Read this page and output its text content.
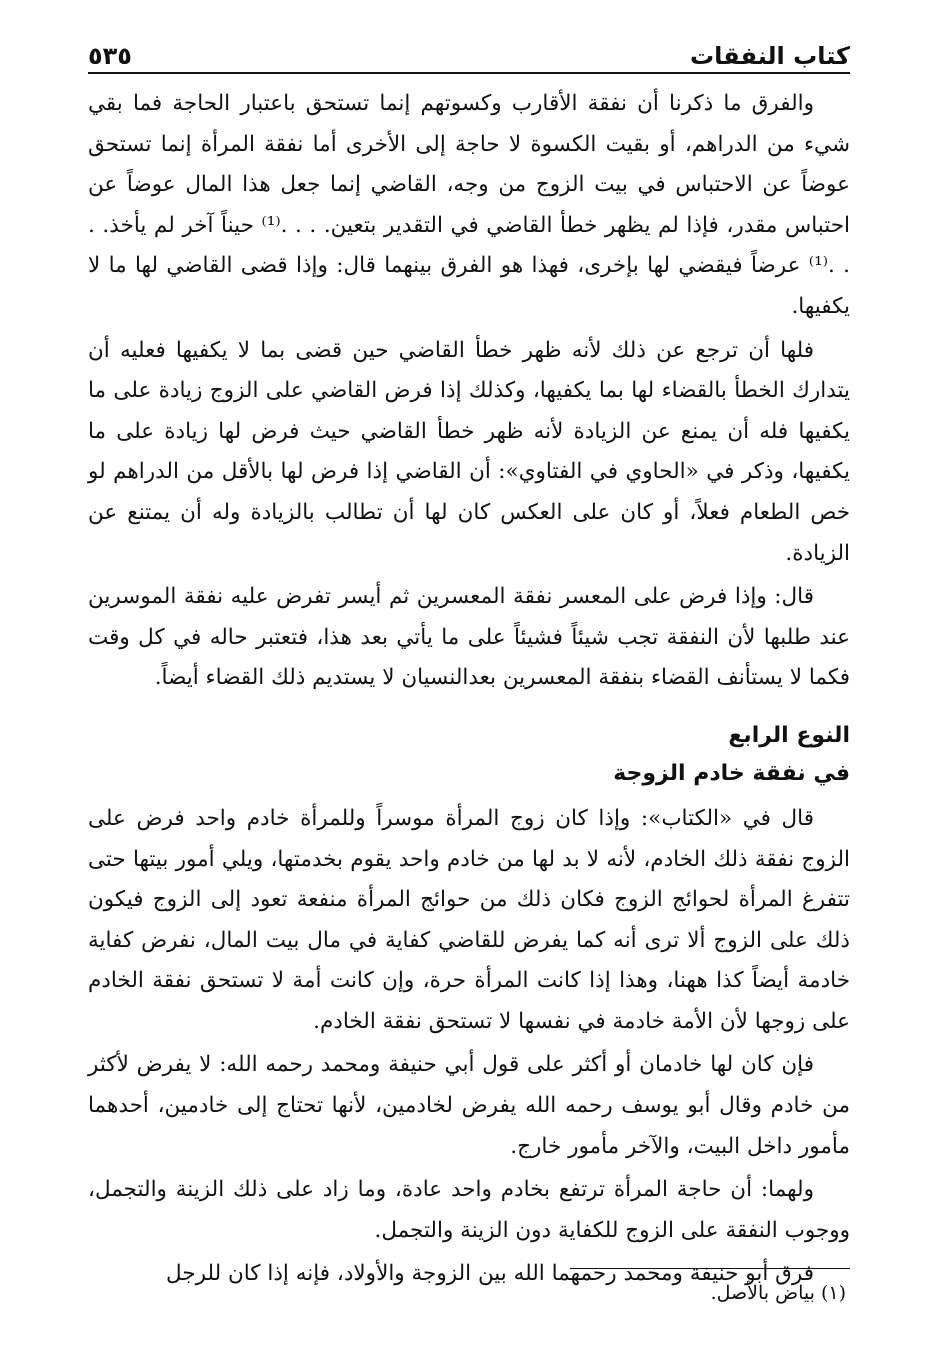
كتاب النفقات
٥٣٥

والفرق ما ذكرنا أن نفقة الأقارب وكسوتهم إنما تستحق باعتبار الحاجة فما بقي شيء من الدراهم، أو بقيت الكسوة لا حاجة إلى الأخرى أما نفقة المرأة إنما تستحق عوضاً عن الاحتباس في بيت الزوج من وجه، القاضي إنما جعل هذا المال عوضاً عن احتباس مقدر، فإذا لم يظهر خطأ القاضي في التقدير بتعين. . . .⁽¹⁾ حيناً آخر لم يأخذ. . . .⁽¹⁾ عرضاً فيقضي لها بإخرى، فهذا هو الفرق بينهما قال: وإذا قضى القاضي لها ما لا يكفيها.

فلها أن ترجع عن ذلك لأنه ظهر خطأ القاضي حين قضى بما لا يكفيها فعليه أن يتدارك الخطأ بالقضاء لها بما يكفيها، وكذلك إذا فرض القاضي على الزوج زيادة على ما يكفيها فله أن يمنع عن الزيادة لأنه ظهر خطأ القاضي حيث فرض لها زيادة على ما يكفيها، وذكر في «الحاوي في الفتاوي»: أن القاضي إذا فرض لها بالأقل من الدراهم لو خص الطعام فعلاً، أو كان على العكس كان لها أن تطالب بالزيادة وله أن يمتنع عن الزيادة.

قال: وإذا فرض على المعسر نفقة المعسرين ثم أيسر تفرض عليه نفقة الموسرين عند طلبها لأن النفقة تجب شيئاً فشيئاً على ما يأتي بعد هذا، فتعتبر حاله في كل وقت فكما لا يستأنف القضاء بنفقة المعسرين بعدالنسيان لا يستديم ذلك القضاء أيضاً.

النوع الرابع
في نفقة خادم الزوجة

قال في «الكتاب»: وإذا كان زوج المرأة موسراً وللمرأة خادم واحد فرض على الزوج نفقة ذلك الخادم، لأنه لا بد لها من خادم واحد يقوم بخدمتها، ويلي أمور بيتها حتى تتفرغ المرأة لحوائج الزوج فكان ذلك من حوائج المرأة منفعة تعود إلى الزوج فيكون ذلك على الزوج ألا ترى أنه كما يفرض للقاضي كفاية في مال بيت المال، نفرض كفاية خادمة أيضاً كذا ههنا، وهذا إذا كانت المرأة حرة، وإن كانت أمة لا تستحق نفقة الخادم على زوجها لأن الأمة خادمة في نفسها لا تستحق نفقة الخادم.

فإن كان لها خادمان أو أكثر على قول أبي حنيفة ومحمد رحمه الله: لا يفرض لأكثر من خادم وقال أبو يوسف رحمه الله يفرض لخادمين، لأنها تحتاج إلى خادمين، أحدهما مأمور داخل البيت، والآخر مأمور خارج.

ولهما: أن حاجة المرأة ترتفع بخادم واحد عادة، وما زاد على ذلك الزينة والتجمل، ووجوب النفقة على الزوج للكفاية دون الزينة والتجمل.

فرق أبو حنيفة ومحمد رحمهما الله بين الزوجة والأولاد، فإنه إذا كان للرجل

(١) بياض بالأصل.
